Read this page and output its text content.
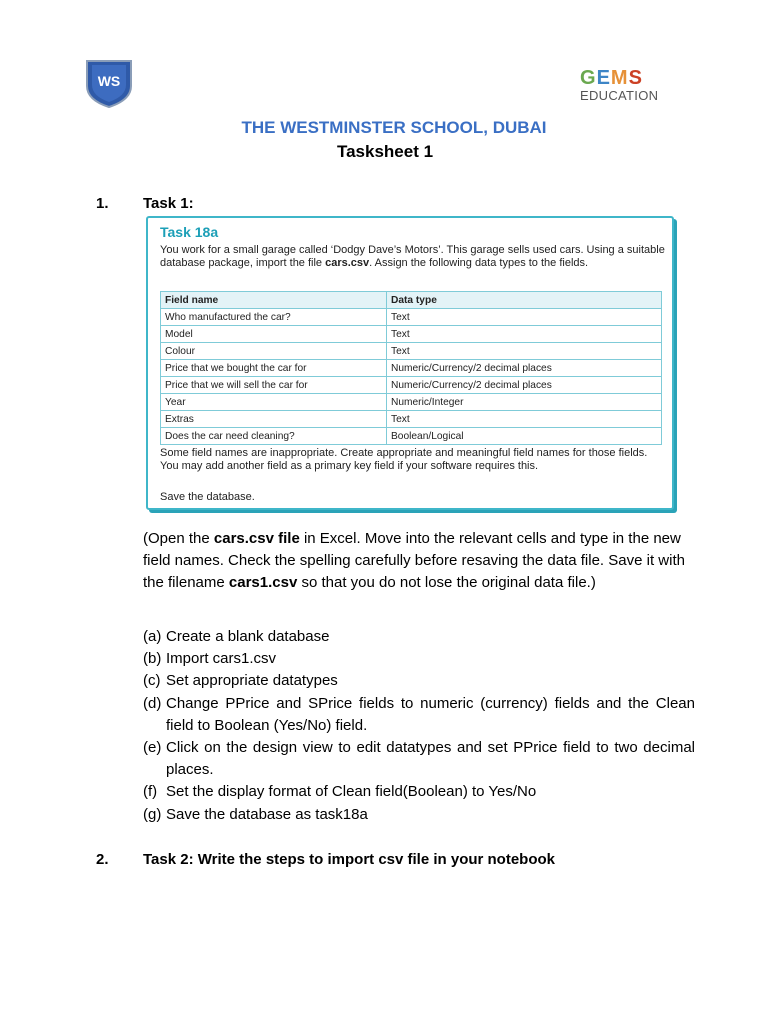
WS	GEMS
EDUCATION
THE WESTMINSTER SCHOOL, DUBAI
Tasksheet 1
1. Task 1:
Task 18a
You work for a small garage called ‘Dodgy Dave’s Motors’. This garage sells used cars. Using a suitable database package, import the file cars.csv. Assign the following data types to the fields.
Field name	Data type
Who manufactured the car?	Text
Model	Text
Colour	Text
Price that we bought the car for	Numeric/Currency/2 decimal places
Price that we will sell the car for	Numeric/Currency/2 decimal places
Year	Numeric/Integer
Extras	Text
Does the car need cleaning?	Boolean/Logical
Some field names are inappropriate. Create appropriate and meaningful field names for those fields. You may add another field as a primary key field if your software requires this.
Save the database.
(Open the cars.csv file in Excel. Move into the relevant cells and type in the new field names. Check the spelling carefully before resaving the data file. Save it with the filename cars1.csv so that you do not lose the original data file.)
(a) Create a blank database
(b) Import cars1.csv
(c) Set appropriate datatypes
(d) Change PPrice and SPrice fields to numeric (currency) fields and the Clean field to Boolean (Yes/No) field.
(e) Click on the design view to edit datatypes and set PPrice field to two decimal places.
(f) Set the display format of Clean field(Boolean) to Yes/No
(g) Save the database as task18a
2. Task 2: Write the steps to import csv file in your notebook
